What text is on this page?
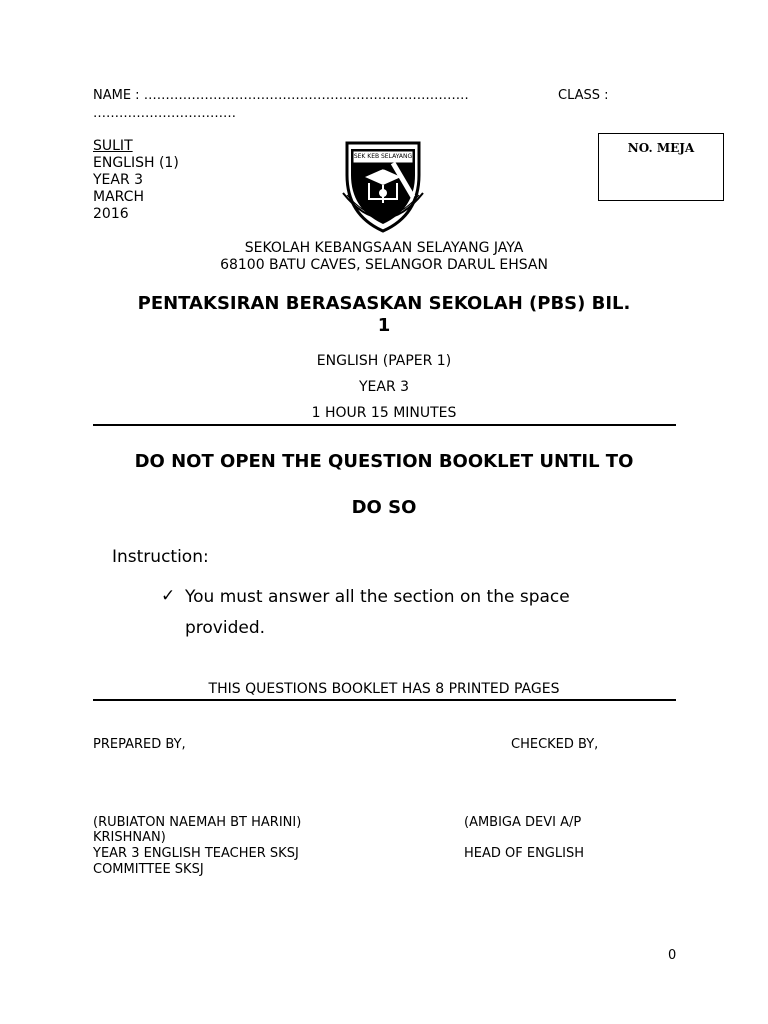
NAME : …………………………………………………………………	CLASS :
……………………………
SULIT
ENGLISH (1)
YEAR 3
MARCH
2016
SEK KEB SELAYANG JAYA
NO. MEJA
SEKOLAH KEBANGSAAN SELAYANG JAYA
68100 BATU CAVES, SELANGOR DARUL EHSAN
PENTAKSIRAN BERASASKAN SEKOLAH (PBS) BIL.
1
ENGLISH (PAPER 1)
YEAR 3
1 HOUR 15 MINUTES
DO NOT OPEN THE QUESTION BOOKLET UNTIL TO
DO SO
Instruction:
✓ You must answer all the section on the space
provided.
THIS QUESTIONS BOOKLET HAS 8 PRINTED PAGES
PREPARED BY,	CHECKED BY,
(RUBIATON NAEMAH BT HARINI)	(AMBIGA DEVI A/P
KRISHNAN)
YEAR 3 ENGLISH TEACHER SKSJ	HEAD OF ENGLISH
COMMITTEE SKSJ
0
